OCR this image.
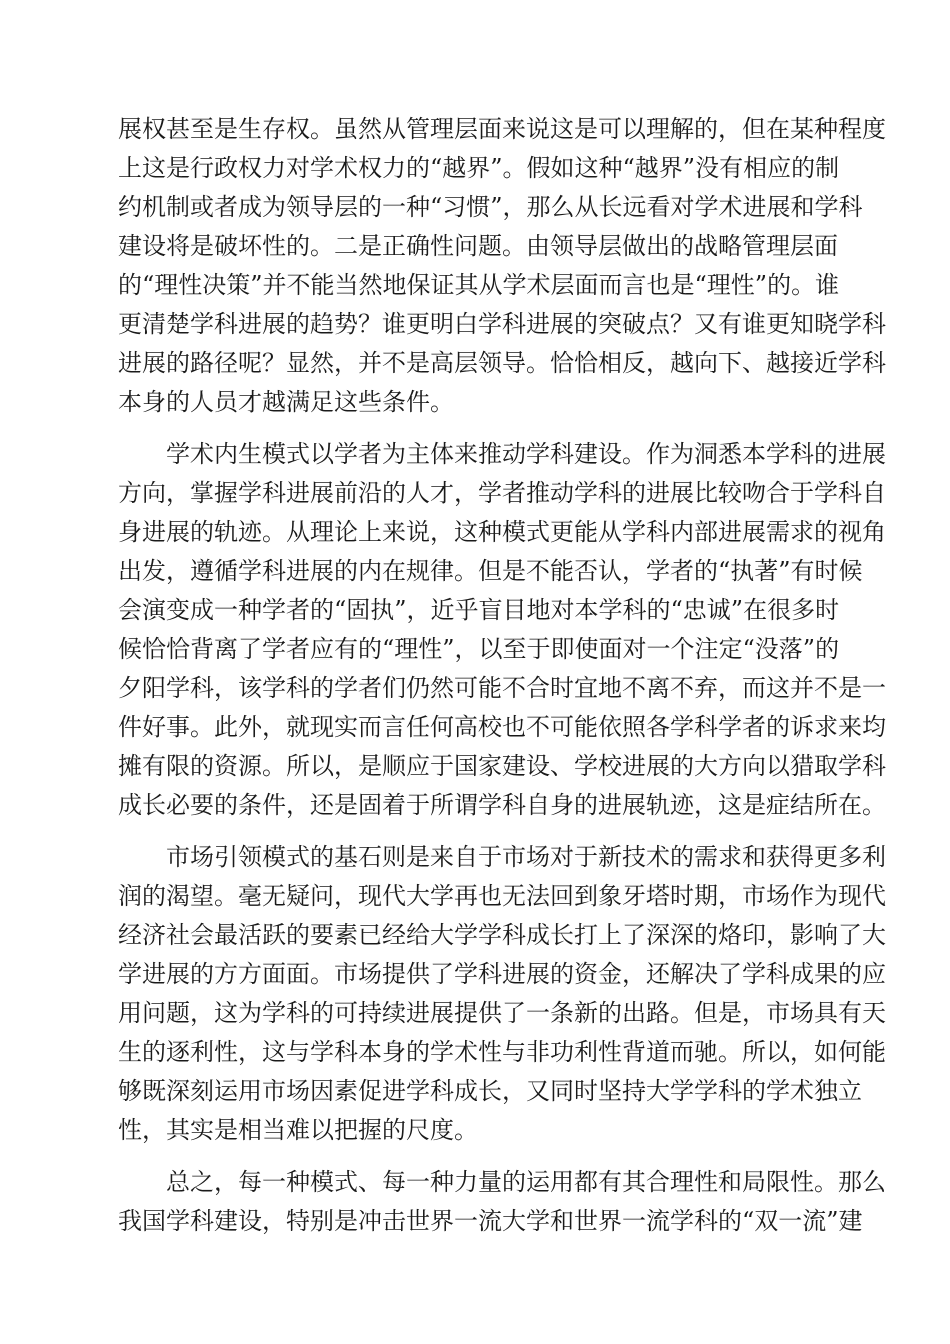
展权甚至是生存权。虽然从管理层面来说这是可以理解的，但在某种程度
上这是行政权力对学术权力的“越界”。假如这种“越界”没有相应的制
约机制或者成为领导层的一种“习惯”，那么从长远看对学术进展和学科
建设将是破坏性的。二是正确性问题。由领导层做出的战略管理层面
的“理性决策”并不能当然地保证其从学术层面而言也是“理性”的。谁
更清楚学科进展的趋势？谁更明白学科进展的突破点？又有谁更知晓学科
进展的路径呢？显然，并不是高层领导。恰恰相反，越向下、越接近学科
本身的人员才越满足这些条件。
学术内生模式以学者为主体来推动学科建设。作为洞悉本学科的进展
方向，掌握学科进展前沿的人才，学者推动学科的进展比较吻合于学科自
身进展的轨迹。从理论上来说，这种模式更能从学科内部进展需求的视角
出发，遵循学科进展的内在规律。但是不能否认，学者的“执著”有时候
会演变成一种学者的“固执”，近乎盲目地对本学科的“忠诚”在很多时
候恰恰背离了学者应有的“理性”，以至于即使面对一个注定“没落”的
夕阳学科，该学科的学者们仍然可能不合时宜地不离不弃，而这并不是一
件好事。此外，就现实而言任何高校也不可能依照各学科学者的诉求来均
摊有限的资源。所以，是顺应于国家建设、学校进展的大方向以猎取学科
成长必要的条件，还是固着于所谓学科自身的进展轨迹，这是症结所在。
市场引领模式的基石则是来自于市场对于新技术的需求和获得更多利
润的渴望。毫无疑问，现代大学再也无法回到象牙塔时期，市场作为现代
经济社会最活跃的要素已经给大学学科成长打上了深深的烙印，影响了大
学进展的方方面面。市场提供了学科进展的资金，还解决了学科成果的应
用问题，这为学科的可持续进展提供了一条新的出路。但是，市场具有天
生的逐利性，这与学科本身的学术性与非功利性背道而驰。所以，如何能
够既深刻运用市场因素促进学科成长，又同时坚持大学学科的学术独立
性，其实是相当难以把握的尺度。
总之，每一种模式、每一种力量的运用都有其合理性和局限性。那么
我国学科建设，特别是冲击世界一流大学和世界一流学科的“双一流”建
